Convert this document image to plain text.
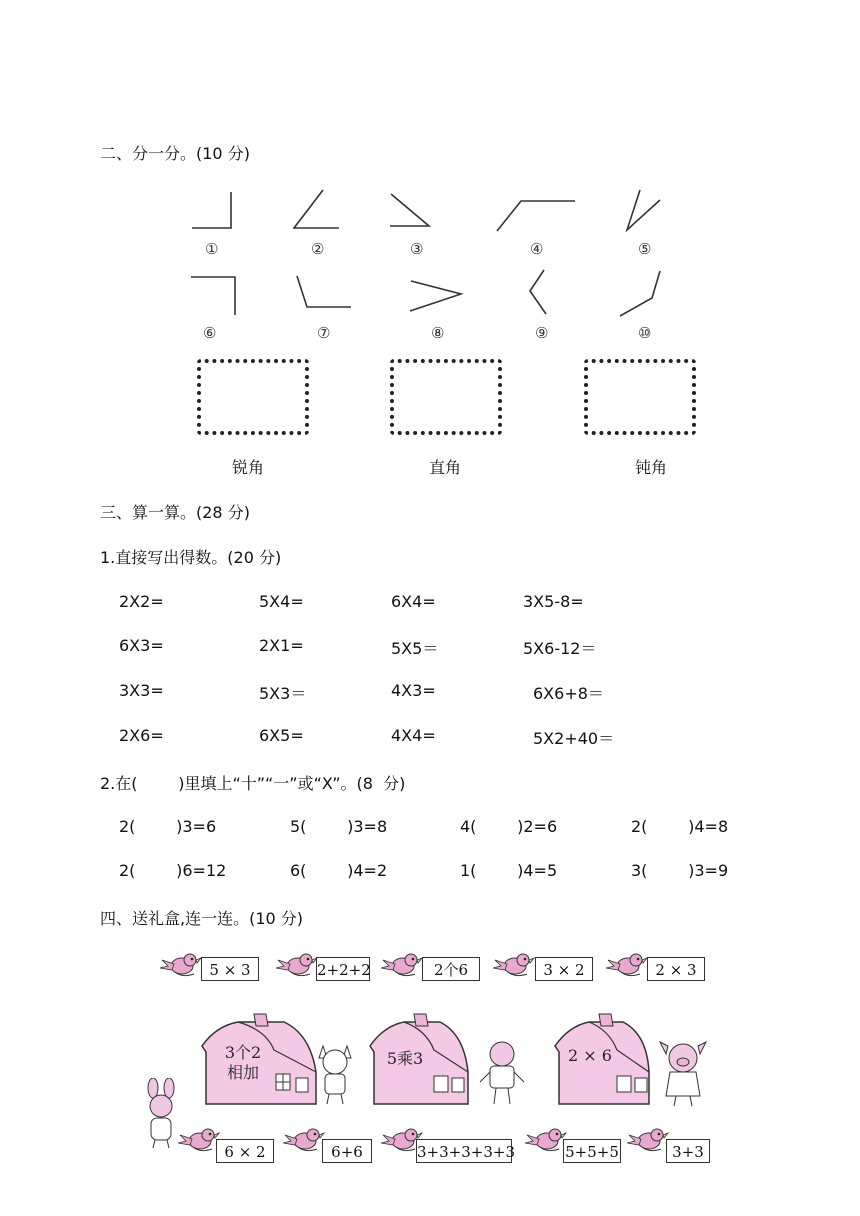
二、分一分。(10 分)
①	②	③	④	⑤
⑥	⑦	⑧	⑨	⑩
锐角	直角	钝角
三、算一算。(28 分)
1.直接写出得数。(20 分)
2X2=	5X4=	6X4=	3X5-8=
6X3=	2X1=	5X5＝	5X6-12＝
3X3=	5X3＝	4X3=	6X6+8＝
2X6=	6X5=	4X4=	5X2+40＝
2.在(        )里填上“十”“一”或“X”。(8  分)
2(        )3=6	5(        )3=8	4(        )2=6	2(        )4=8
2(        )6=12	6(        )4=2	1(        )4=5	3(        )3=9
四、送礼盒,连一连。(10 分)
5 × 3	2+2+2	2个6	3 × 2	2 × 3
3个2
相加
5乘3	2 × 6
6 × 2	6+6	3+3+3+3+3	5+5+5	3+3
